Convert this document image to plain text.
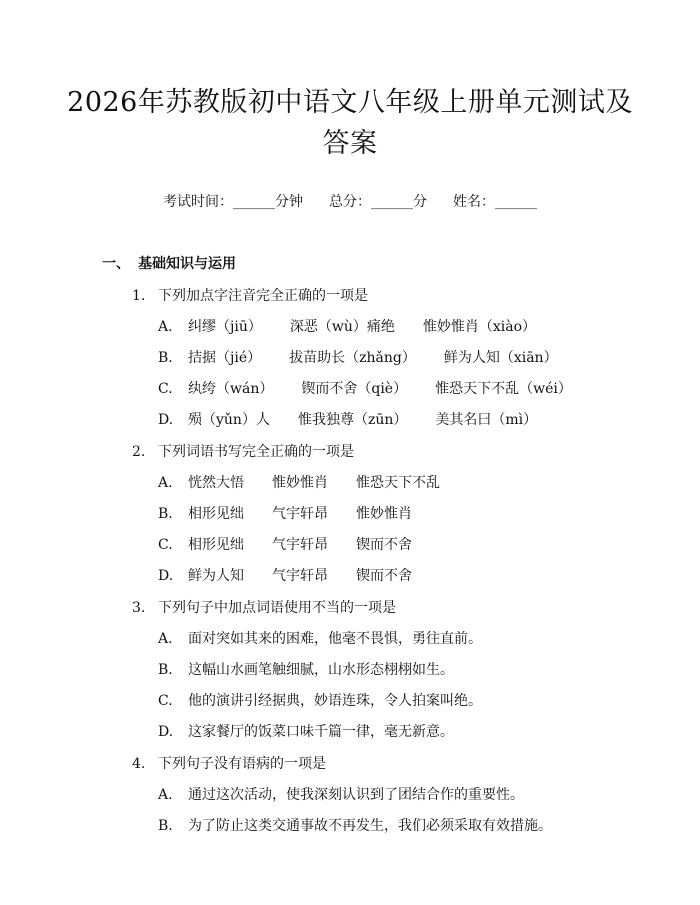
2026年苏教版初中语文八年级上册单元测试及答案
考试时间：______分钟 总分：______分 姓名：______
一、 基础知识与运用
1. 下列加点字注音完全正确的一项是
A. 纠缪（jiū） 深恶（wù）痛绝 惟妙惟肖（xiào）
B. 拮据（jié） 拔苗助长（zhǎng） 鲜为人知（xiān）
C. 纨绔（wán） 锲而不舍（qiè） 惟恐天下不乱（wéi）
D. 殒（yǔn）人 惟我独尊（zūn） 美其名曰（mì）
2. 下列词语书写完全正确的一项是
A. 恍然大悟 惟妙惟肖 惟恐天下不乱
B. 相形见绌 气宇轩昂 惟妙惟肖
C. 相形见绌 气宇轩昂 锲而不舍
D. 鲜为人知 气宇轩昂 锲而不舍
3. 下列句子中加点词语使用不当的一项是
A. 面对突如其来的困难，他毫不畏惧，勇往直前。
B. 这幅山水画笔触细腻，山水形态栩栩如生。
C. 他的演讲引经据典，妙语连珠，令人拍案叫绝。
D. 这家餐厅的饭菜口味千篇一律，毫无新意。
4. 下列句子没有语病的一项是
A. 通过这次活动，使我深刻认识到了团结合作的重要性。
B. 为了防止这类交通事故不再发生，我们必须采取有效措施。
